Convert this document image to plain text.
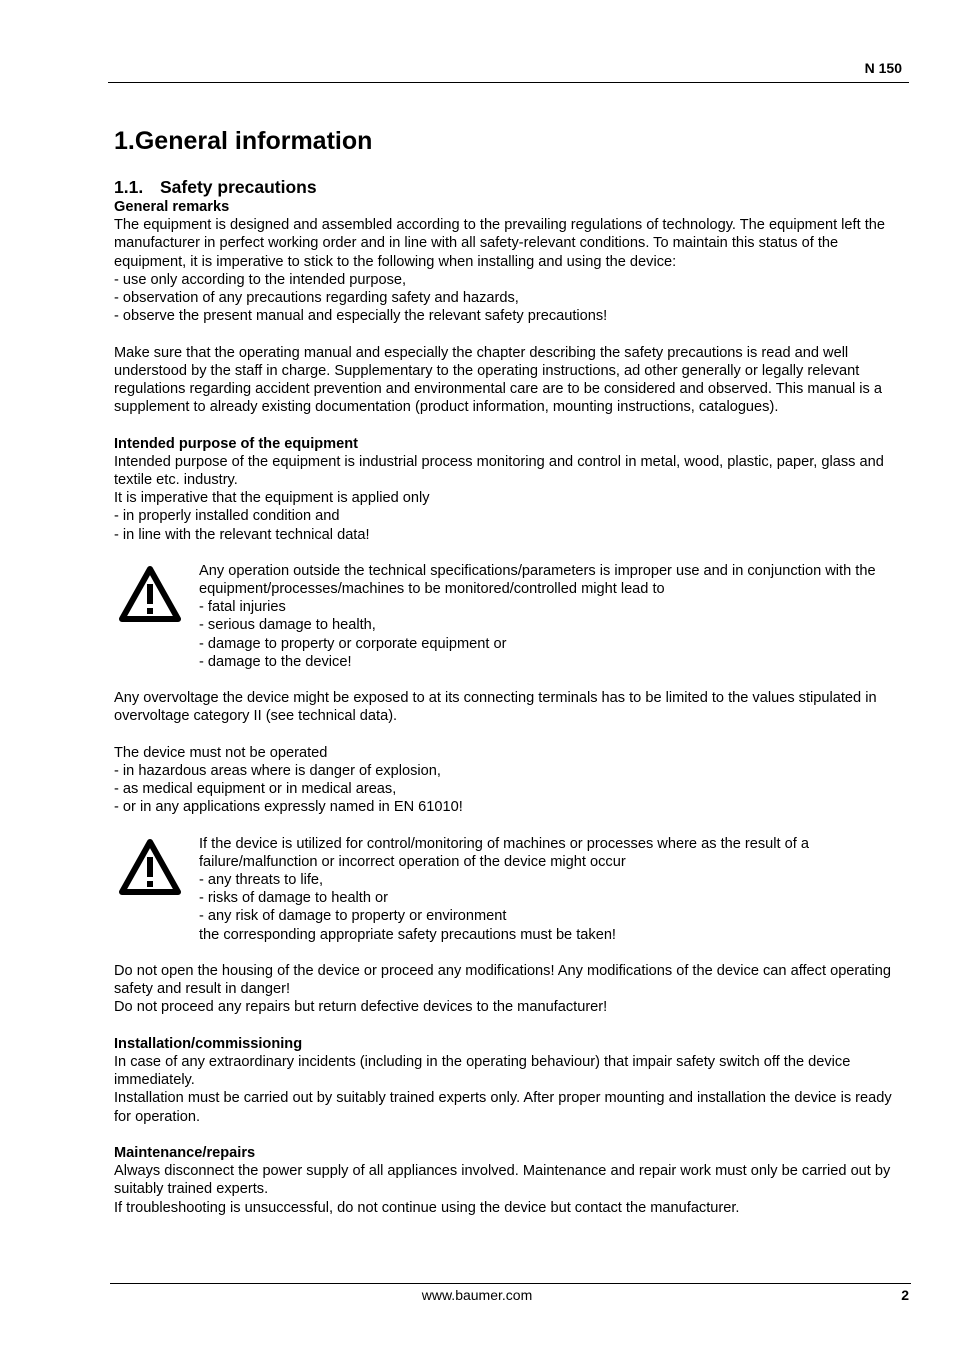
N 150
1.General information
1.1. Safety precautions

General remarks

The equipment is designed and assembled according to the prevailing regulations of technology. The equipment left the manufacturer in perfect working order and in line with all safety-relevant conditions. To maintain this status of the equipment, it is imperative to stick to the following when installing and using the device:

- use only according to the intended purpose,

- observation of any precautions regarding safety and hazards,

- observe the present manual and especially the relevant safety precautions!

Make sure that the operating manual and especially the chapter describing the safety precautions is read and well understood by the staff in charge. Supplementary to the operating instructions, ad other generally or legally relevant regulations regarding accident prevention and environmental care are to be considered and observed. This manual is a supplement to already existing documentation (product information, mounting instructions, catalogues).

Intended purpose of the equipment

Intended purpose of the equipment is industrial process monitoring and control in metal, wood, plastic, paper, glass and textile etc. industry.

It is imperative that the equipment is applied only

- in properly installed condition and

- in line with the relevant technical data!

Any operation outside the technical specifications/parameters is improper use and in conjunction with the equipment/processes/machines to be monitored/controlled might lead to

- fatal injuries

- serious damage to health,

- damage to property or corporate equipment or

- damage to the device!

Any overvoltage the device might be exposed to at its connecting terminals has to be limited to the values stipulated in overvoltage category II (see technical data).

The device must not be operated

- in hazardous areas where is danger of explosion,

- as medical equipment or in medical areas,

- or in any applications expressly named in EN 61010!

If the device is utilized for control/monitoring of machines or processes where as the result of a failure/malfunction or incorrect operation of the device might occur

- any threats to life,

- risks of damage to health or

- any risk of damage to property or environment

the corresponding appropriate safety precautions must be taken!

Do not open the housing of the device or proceed any modifications! Any modifications of the device can affect operating safety and result in danger!

Do not proceed any repairs but return defective devices to the manufacturer!

Installation/commissioning

In case of any extraordinary incidents (including in the operating behaviour) that impair safety switch off the device immediately.

Installation must be carried out by suitably trained experts only. After proper mounting and installation the device is ready for operation.

Maintenance/repairs

Always disconnect the power supply of all appliances involved. Maintenance and repair work must only be carried out by suitably trained experts.

If troubleshooting is unsuccessful, do not continue using the device but contact the manufacturer.

www.baumer.com	2
